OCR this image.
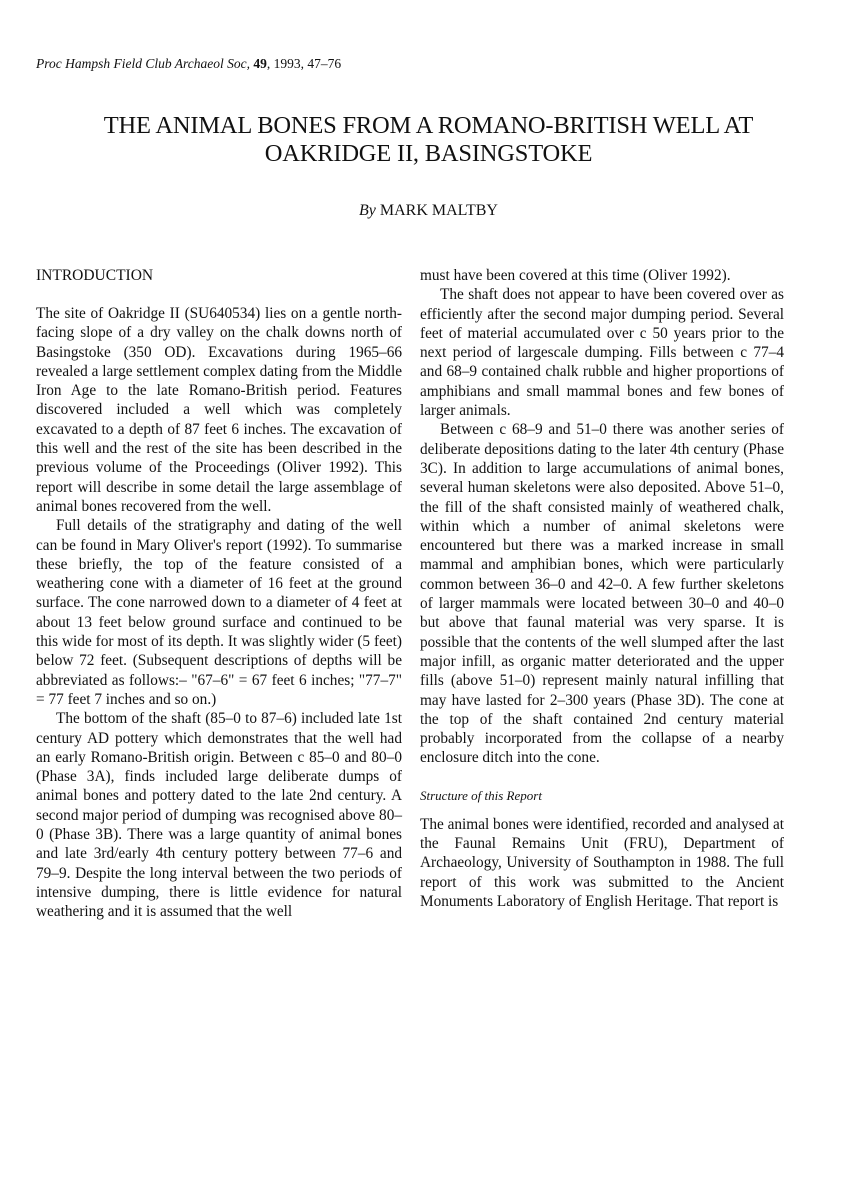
Proc Hampsh Field Club Archaeol Soc, 49, 1993, 47–76
THE ANIMAL BONES FROM A ROMANO-BRITISH WELL AT
OAKRIDGE II, BASINGSTOKE
By MARK MALTBY
INTRODUCTION

The site of Oakridge II (SU640534) lies on a gentle north-facing slope of a dry valley on the chalk downs north of Basingstoke (350 OD). Excavations during 1965–66 revealed a large settlement complex dating from the Middle Iron Age to the late Romano-British period. Features discovered included a well which was completely excavated to a depth of 87 feet 6 inches. The excavation of this well and the rest of the site has been described in the previous volume of the Proceedings (Oliver 1992). This report will describe in some detail the large assemblage of animal bones recovered from the well.

Full details of the stratigraphy and dating of the well can be found in Mary Oliver's report (1992). To summarise these briefly, the top of the feature consisted of a weathering cone with a diameter of 16 feet at the ground surface. The cone narrowed down to a diameter of 4 feet at about 13 feet below ground surface and continued to be this wide for most of its depth. It was slightly wider (5 feet) below 72 feet. (Subsequent descriptions of depths will be abbreviated as follows:– "67–6" = 67 feet 6 inches; "77–7" = 77 feet 7 inches and so on.)

The bottom of the shaft (85–0 to 87–6) included late 1st century AD pottery which demonstrates that the well had an early Romano-British origin. Between c 85–0 and 80–0 (Phase 3A), finds included large deliberate dumps of animal bones and pottery dated to the late 2nd century. A second major period of dumping was recognised above 80–0 (Phase 3B). There was a large quantity of animal bones and late 3rd/early 4th century pottery between 77–6 and 79–9. Despite the long interval between the two periods of intensive dumping, there is little evidence for natural weathering and it is assumed that the well

must have been covered at this time (Oliver 1992).

The shaft does not appear to have been covered over as efficiently after the second major dumping period. Several feet of material accumulated over c 50 years prior to the next period of largescale dumping. Fills between c 77–4 and 68–9 contained chalk rubble and higher proportions of amphibians and small mammal bones and few bones of larger animals.

Between c 68–9 and 51–0 there was another series of deliberate depositions dating to the later 4th century (Phase 3C). In addition to large accumulations of animal bones, several human skeletons were also deposited. Above 51–0, the fill of the shaft consisted mainly of weathered chalk, within which a number of animal skeletons were encountered but there was a marked increase in small mammal and amphibian bones, which were particularly common between 36–0 and 42–0. A few further skeletons of larger mammals were located between 30–0 and 40–0 but above that faunal material was very sparse. It is possible that the contents of the well slumped after the last major infill, as organic matter deteriorated and the upper fills (above 51–0) represent mainly natural infilling that may have lasted for 2–300 years (Phase 3D). The cone at the top of the shaft contained 2nd century material probably incorporated from the collapse of a nearby enclosure ditch into the cone.

Structure of this Report

The animal bones were identified, recorded and analysed at the Faunal Remains Unit (FRU), Department of Archaeology, University of Southampton in 1988. The full report of this work was submitted to the Ancient Monuments Laboratory of English Heritage. That report is
